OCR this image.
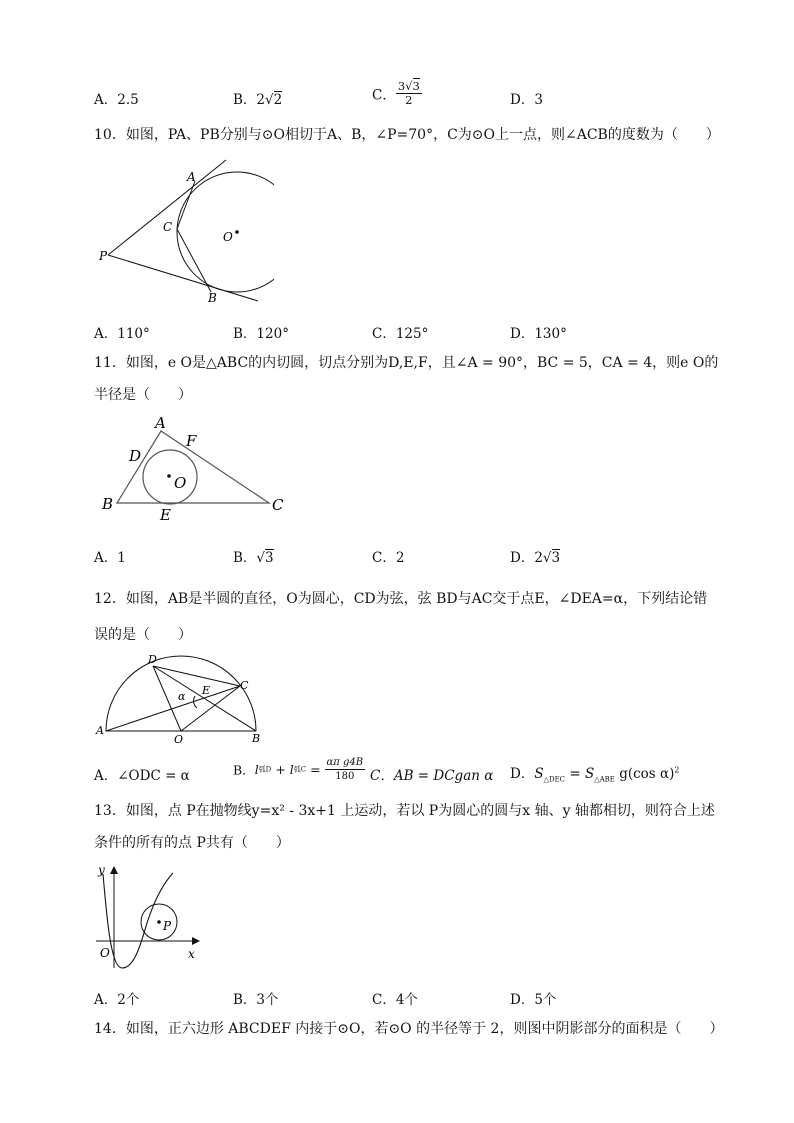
A．2.5	B．2√2	C． $\frac{3√3}{2}$	D．3
10．如图，PA、PB分别与⊙O相切于A、B，∠P=70°，C为⊙O上一点，则∠ACB的度数为（　　）
A
B
C
O
P
A．110°	B．120°	C．125°	D．130°
11．如图，e O是△ABC的内切圆，切点分别为D,E,F，且∠A = 90°，BC = 5，CA = 4，则e O的
半径是（　　）
A
B	C
D
E
F
O
A．1	B．√3	C．2	D．2√3
12．如图，AB是半圆的直径，O为圆心，CD为弦，弦 BD与AC交于点E，∠DEA=α，下列结论错
误的是（　　）
D
C
E
α
A
O	B
A．∠ODC = α	B．l弧D + l弧$C = \frac{\text{απ g4B}}{180}$ C．AB = DCgan α D．$S_{\triangle DEC} = S_{\triangle ABE}$ g(cos α)$^2$
13．如图，点 P在抛物线y=x² - 3x+1 上运动，若以 P为圆心的圆与x 轴、y 轴都相切，则符合上述
条件的所有的点 P共有（　　）
y
x
O
P
A．2个	B．3个	C．4个	D．5个
14．如图，正六边形 ABCDEF 内接于⊙O，若⊙O 的半径等于 2，则图中阴影部分的面积是（　　）
